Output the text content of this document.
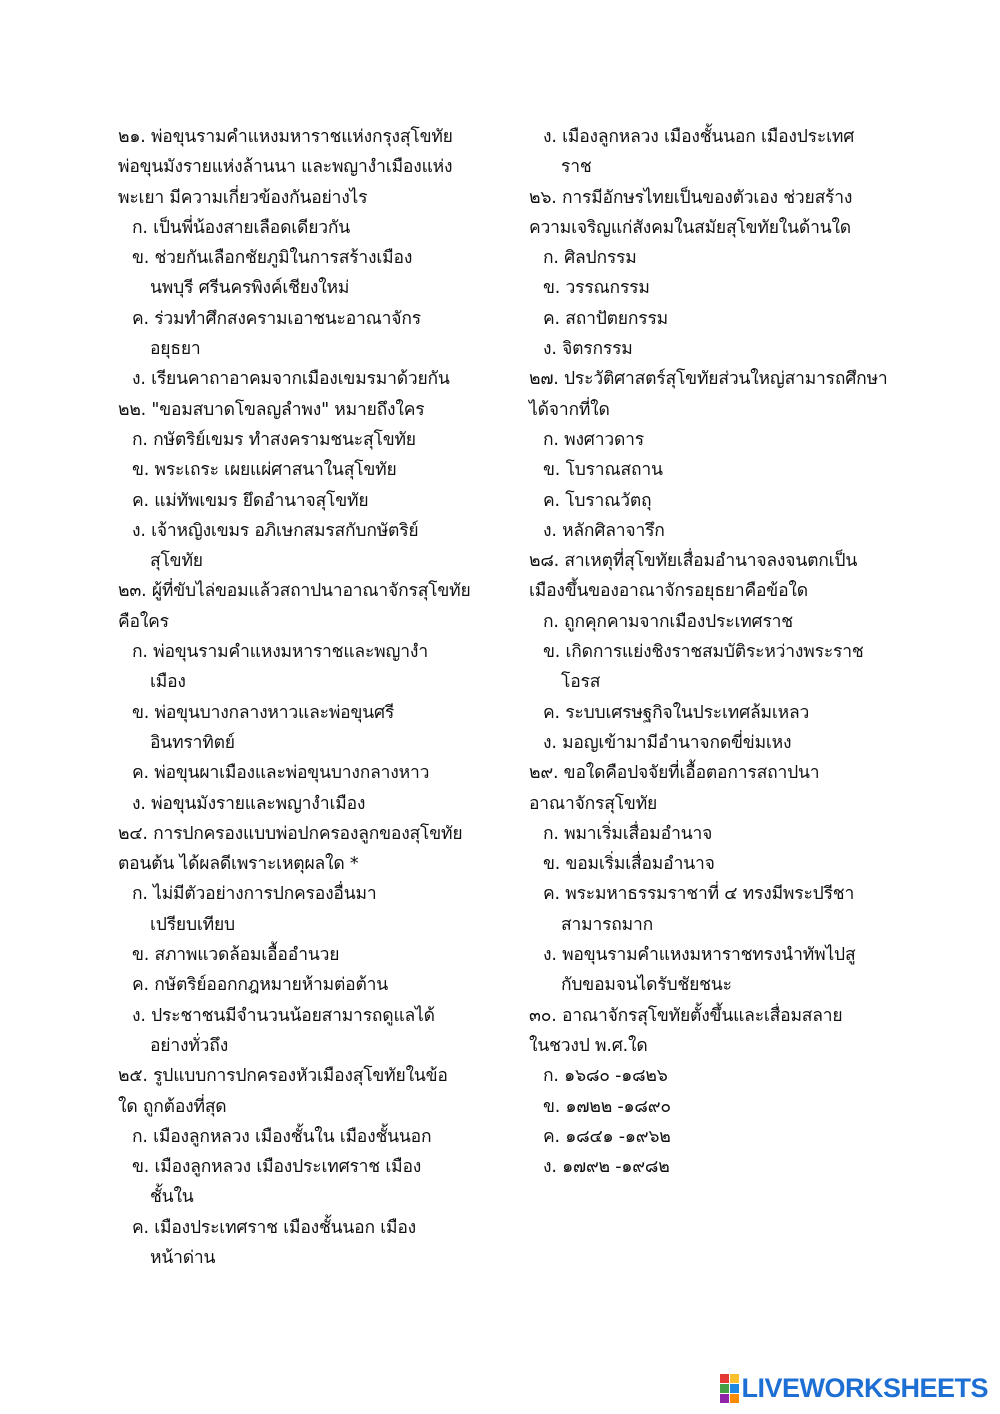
๒๑. พ่อขุนรามคำแหงมหาราชแห่งกรุงสุโขทัย
พ่อขุนมังรายแห่งล้านนา และพญางำเมืองแห่ง
พะเยา มีความเกี่ยวข้องกันอย่างไร
ก. เป็นพี่น้องสายเลือดเดียวกัน
ข. ช่วยกันเลือกชัยภูมิในการสร้างเมือง
นพบุรี ศรีนครพิงค์เชียงใหม่
ค. ร่วมทำศึกสงครามเอาชนะอาณาจักร
อยุธยา
ง. เรียนคาถาอาคมจากเมืองเขมรมาด้วยกัน
๒๒. "ขอมสบาดโขลญลำพง" หมายถึงใคร
ก. กษัตริย์เขมร ทำสงครามชนะสุโขทัย
ข. พระเถระ เผยแผ่ศาสนาในสุโขทัย
ค. แม่ทัพเขมร ยึดอำนาจสุโขทัย
ง. เจ้าหญิงเขมร อภิเษกสมรสกับกษัตริย์
สุโขทัย
๒๓. ผู้ที่ขับไล่ขอมแล้วสถาปนาอาณาจักรสุโขทัย
คือใคร
ก. พ่อขุนรามคำแหงมหาราชและพญางำ
เมือง
ข. พ่อขุนบางกลางหาวและพ่อขุนศรี
อินทราทิตย์
ค. พ่อขุนผาเมืองและพ่อขุนบางกลางหาว
ง. พ่อขุนมังรายและพญางำเมือง
๒๔. การปกครองแบบพ่อปกครองลูกของสุโขทัย
ตอนต้น ได้ผลดีเพราะเหตุผลใด *
ก. ไม่มีตัวอย่างการปกครองอื่นมา
เปรียบเทียบ
ข. สภาพแวดล้อมเอื้ออำนวย
ค. กษัตริย์ออกกฎหมายห้ามต่อต้าน
ง. ประชาชนมีจำนวนน้อยสามารถดูแลได้
อย่างทั่วถึง
๒๕. รูปแบบการปกครองหัวเมืองสุโขทัยในข้อ
ใด ถูกต้องที่สุด
ก. เมืองลูกหลวง เมืองชั้นใน เมืองชั้นนอก
ข. เมืองลูกหลวง เมืองประเทศราช เมือง
ชั้นใน
ค. เมืองประเทศราช เมืองชั้นนอก เมือง
หน้าด่าน
ง. เมืองลูกหลวง เมืองชั้นนอก เมืองประเทศ
ราช
๒๖. การมีอักษรไทยเป็นของตัวเอง ช่วยสร้าง
ความเจริญแก่สังคมในสมัยสุโขทัยในด้านใด
ก. ศิลปกรรม
ข. วรรณกรรม
ค. สถาปัตยกรรม
ง. จิตรกรรม
๒๗. ประวัติศาสตร์สุโขทัยส่วนใหญ่สามารถศึกษา
ได้จากที่ใด
ก. พงศาวดาร
ข. โบราณสถาน
ค. โบราณวัตถุ
ง. หลักศิลาจารึก
๒๘. สาเหตุที่สุโขทัยเสื่อมอำนาจลงจนตกเป็น
เมืองขึ้นของอาณาจักรอยุธยาคือข้อใด
ก. ถูกคุกคามจากเมืองประเทศราช
ข. เกิดการแย่งชิงราชสมบัติระหว่างพระราช
โอรส
ค. ระบบเศรษฐกิจในประเทศล้มเหลว
ง. มอญเข้ามามีอำนาจกดขี่ข่มเหง
๒๙. ขอใดคือปจจัยที่เอื้อตอการสถาปนา
อาณาจักรสุโขทัย
ก. พมาเริ่มเสื่อมอำนาจ
ข. ขอมเริ่มเสื่อมอำนาจ
ค. พระมหาธรรมราชาที่ ๔ ทรงมีพระปรีชา
สามารถมาก
ง. พอขุนรามคำแหงมหาราชทรงนำทัพไปสู
กับขอมจนไดรับชัยชนะ
๓๐. อาณาจักรสุโขทัยตั้งขึ้นและเสื่อมสลาย
ในชวงป พ.ศ.ใด
ก. ๑๖๘๐ -๑๘๒๖
ข. ๑๗๒๒ -๑๘๙๐
ค. ๑๘๔๑ -๑๙๖๒
ง. ๑๗๙๒ -๑๙๘๒
LIVEWORKSHEETS
